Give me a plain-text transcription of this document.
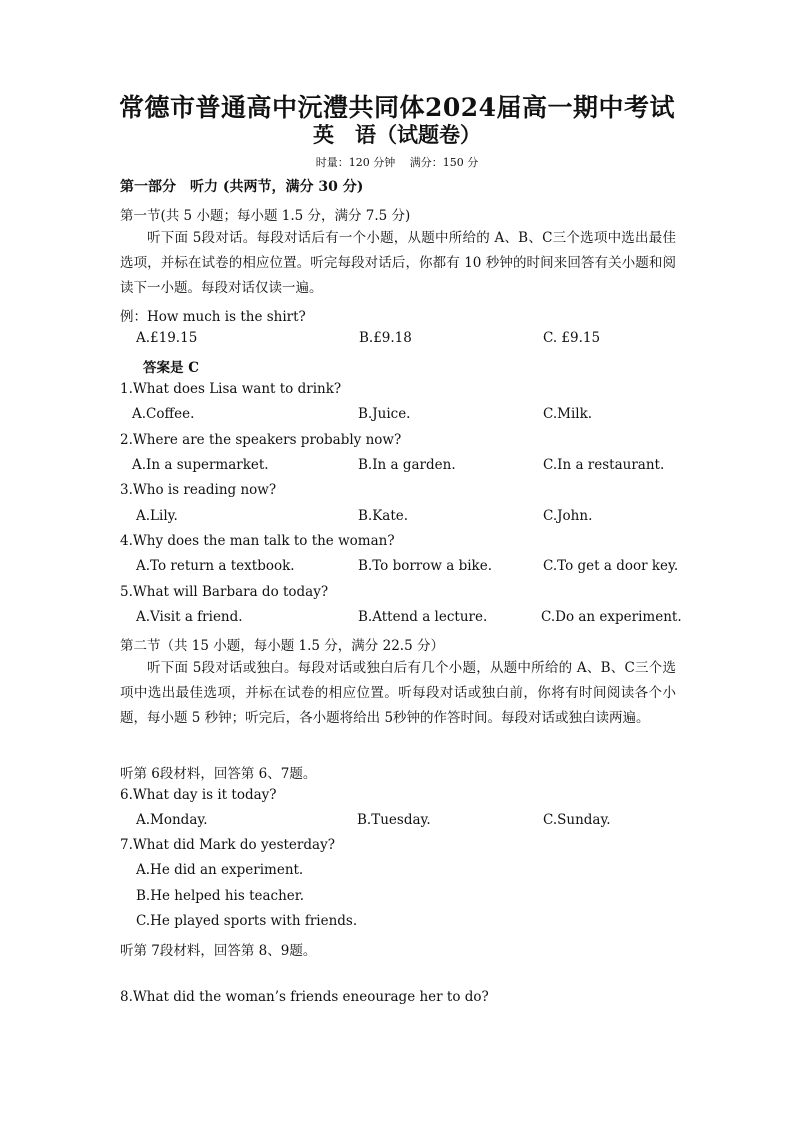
常德市普通高中沅澧共同体2024届高一期中考试
英　语（试题卷）
时量：120 分钟　 满分：150 分
第一部分　听力 (共两节，满分 30 分)
第一节(共 5 小题；每小题 1.5 分，满分 7.5 分)
听下面 5段对话。每段对话后有一个小题，从题中所给的 A、B、C三个选项中选出最佳选项，并标在试卷的相应位置。听完每段对话后，你都有 10 秒钟的时间来回答有关小题和阅读下一小题。每段对话仅读一遍。
例：How much is the shirt?
A.£19.15	B.£9.18	C. £9.15
答案是 C
1.What does Lisa want to drink?
A.Coffee.	B.Juice.	C.Milk.
2.Where are the speakers probably now?
A.In a supermarket.	B.In a garden.	C.In a restaurant.
3.Who is reading now?
A.Lily.	B.Kate.	C.John.
4.Why does the man talk to the woman?
A.To return a textbook.	B.To borrow a bike.	C.To get a door key.
5.What will Barbara do today?
A.Visit a friend.	B.Attend a lecture.	C.Do an experiment.
第二节（共 15 小题，每小题 1.5 分，满分 22.5 分）
听下面 5段对话或独白。每段对话或独白后有几个小题，从题中所给的 A、B、C三个选项中选出最佳选项，并标在试卷的相应位置。听每段对话或独白前，你将有时间阅读各个小题，每小题 5 秒钟；听完后，各小题将给出 5秒钟的作答时间。每段对话或独白读两遍。
听第 6段材料，回答第 6、7题。
6.What day is it today?
A.Monday.	B.Tuesday.	C.Sunday.
7.What did Mark do yesterday?
A.He did an experiment.
B.He helped his teacher.
C.He played sports with friends.
听第 7段材料，回答第 8、9题。
8.What did the woman’s friends eneourage her to do?
